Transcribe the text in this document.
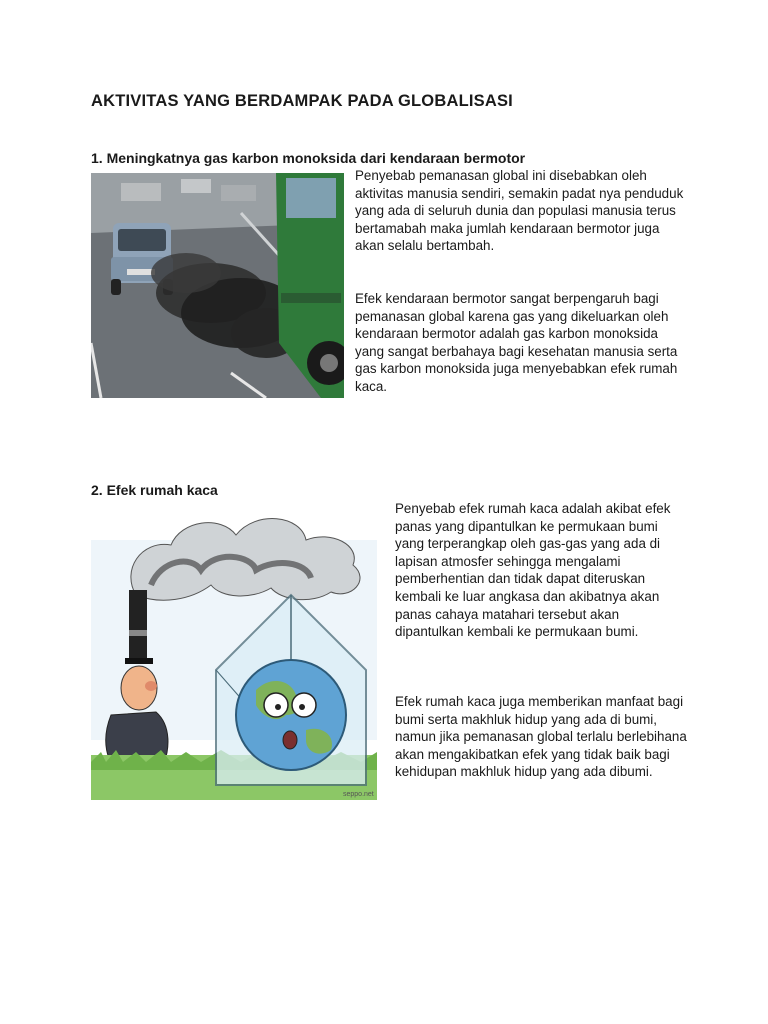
AKTIVITAS YANG BERDAMPAK PADA GLOBALISASI
1. Meningkatnya gas karbon monoksida dari kendaraan bermotor

Penyebab pemanasan global ini disebabkan oleh aktivitas manusia sendiri, semakin padat nya penduduk yang ada di seluruh dunia dan populasi manusia terus bertamabah maka jumlah kendaraan bermotor juga akan selalu bertambah.

Efek kendaraan bermotor sangat berpengaruh bagi pemanasan global karena gas yang dikeluarkan oleh kendaraan bermotor adalah gas karbon monoksida yang sangat berbahaya bagi kesehatan manusia serta gas karbon monoksida juga menyebabkan efek rumah kaca.

2. Efek rumah kaca
seppo.net

Penyebab efek rumah kaca adalah akibat efek panas yang dipantulkan ke permukaan bumi yang terperangkap oleh gas-gas yang ada di lapisan atmosfer sehingga mengalami pemberhentian dan tidak dapat diteruskan kembali ke luar angkasa dan akibatnya akan panas cahaya matahari tersebut akan dipantulkan kembali ke permukaan bumi.

Efek rumah kaca juga memberikan manfaat bagi bumi serta makhluk hidup yang ada di bumi, namun jika pemanasan global terlalu berlebihana akan mengakibatkan efek yang tidak baik bagi kehidupan makhluk hidup yang ada dibumi.
